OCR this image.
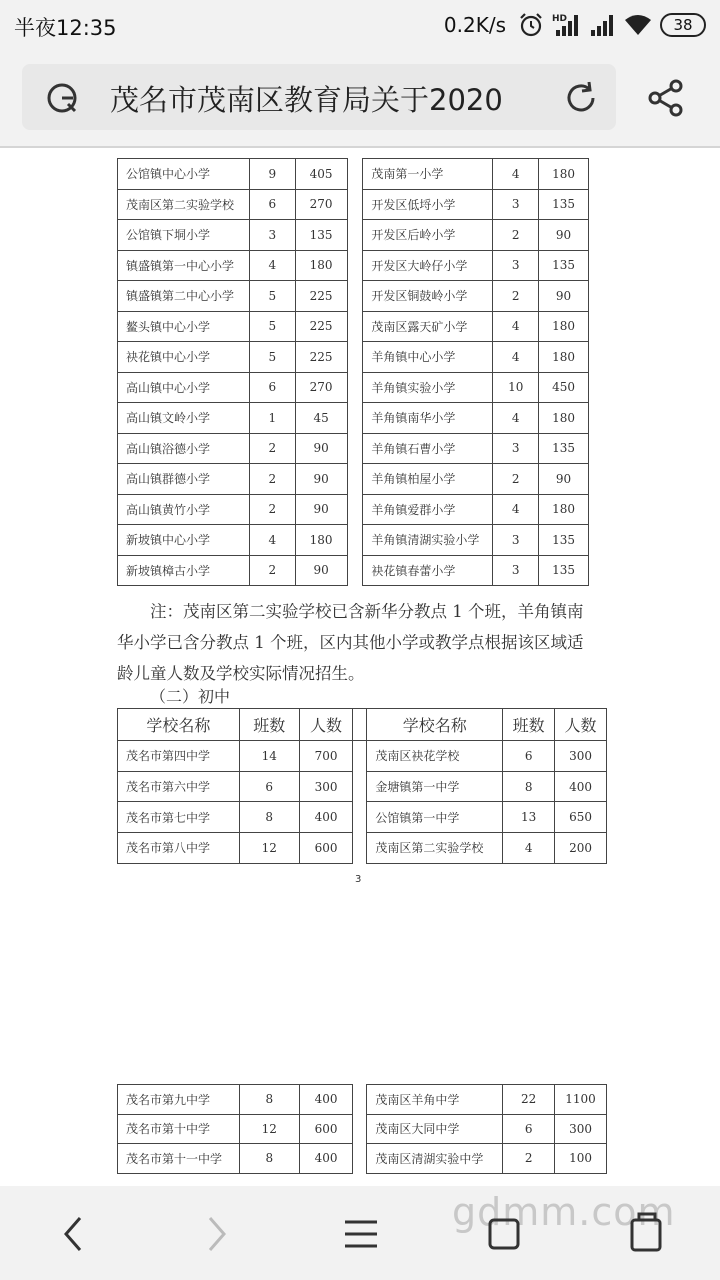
半夜12:35	0.2K/s	HD	38
茂名市茂南区教育局关于2020
公馆镇中心小学	9	405		茂南第一小学	4	180
茂南区第二实验学校	6	270		开发区低埒小学	3	135
公馆镇下垌小学	3	135		开发区后岭小学	2	90
镇盛镇第一中心小学	4	180		开发区大岭仔小学	3	135
镇盛镇第二中心小学	5	225		开发区铜鼓岭小学	2	90
鳌头镇中心小学	5	225		茂南区露天矿小学	4	180
袂花镇中心小学	5	225		羊角镇中心小学	4	180
高山镇中心小学	6	270		羊角镇实验小学	10	450
高山镇文岭小学	1	45		羊角镇南华小学	4	180
高山镇浴德小学	2	90		羊角镇石曹小学	3	135
高山镇群德小学	2	90		羊角镇柏屋小学	2	90
高山镇黄竹小学	2	90		羊角镇爱群小学	4	180
新坡镇中心小学	4	180		羊角镇清湖实验小学	3	135
新坡镇樟古小学	2	90		袂花镇春蕾小学	3	135
注：茂南区第二实验学校已含新华分教点 1 个班，羊角镇南
华小学已含分教点 1 个班，区内其他小学或教学点根据该区域适
龄儿童人数及学校实际情况招生。
（二）初中
学校名称	班数	人数		学校名称	班数	人数
茂名市第四中学	14	700		茂南区袂花学校	6	300
茂名市第六中学	6	300		金塘镇第一中学	8	400
茂名市第七中学	8	400		公馆镇第一中学	13	650
茂名市第八中学	12	600		茂南区第二实验学校	4	200
3
茂名市第九中学	8	400		茂南区羊角中学	22	1100
茂名市第十中学	12	600		茂南区大同中学	6	300
茂名市第十一中学	8	400		茂南区清湖实验中学	2	100
gdmm.com
